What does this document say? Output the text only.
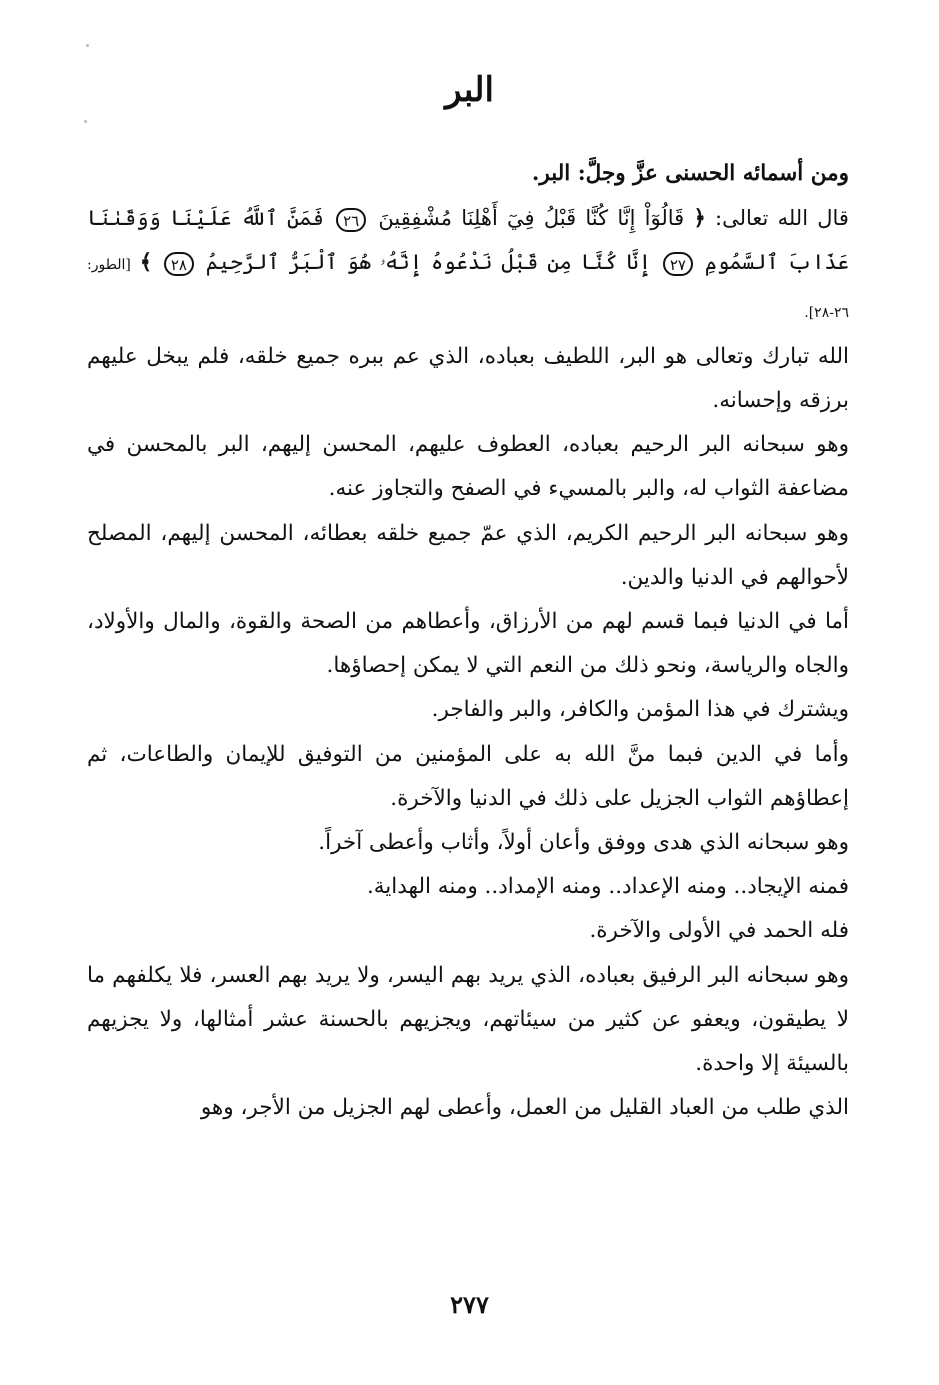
البر

ومن أسمائه الحسنى عزَّ وجلَّ: البر.

قال الله تعالى: ﴿ قَالُوٓاْ إِنَّا كُنَّا قَبْلُ فِيٓ أَهْلِنَا مُشْفِقِينَ ٢٦ فَمَنَّ ٱللَّهُ عَلَيْنَا وَوَقَىٰنَا عَذَابَ ٱلسَّمُومِ ٢٧ إِنَّا كُنَّا مِن قَبْلُ نَدْعُوهُ إِنَّهُۥ هُوَ ٱلْبَرُّ ٱلرَّحِيمُ ٢٨ ﴾ [الطور: ٢٦-٢٨].

الله تبارك وتعالى هو البر، اللطيف بعباده، الذي عم ببره جميع خلقه، فلم يبخل عليهم برزقه وإحسانه.

وهو سبحانه البر الرحيم بعباده، العطوف عليهم، المحسن إليهم، البر بالمحسن في مضاعفة الثواب له، والبر بالمسيء في الصفح والتجاوز عنه.

وهو سبحانه البر الرحيم الكريم، الذي عمّ جميع خلقه بعطائه، المحسن إليهم، المصلح لأحوالهم في الدنيا والدين.

أما في الدنيا فبما قسم لهم من الأرزاق، وأعطاهم من الصحة والقوة، والمال والأولاد، والجاه والرياسة، ونحو ذلك من النعم التي لا يمكن إحصاؤها.

ويشترك في هذا المؤمن والكافر، والبر والفاجر.

وأما في الدين فبما منَّ الله به على المؤمنين من التوفيق للإيمان والطاعات، ثم إعطاؤهم الثواب الجزيل على ذلك في الدنيا والآخرة.

وهو سبحانه الذي هدى ووفق وأعان أولاً، وأثاب وأعطى آخراً.

فمنه الإيجاد.. ومنه الإعداد.. ومنه الإمداد.. ومنه الهداية.

فله الحمد في الأولى والآخرة.

وهو سبحانه البر الرفيق بعباده، الذي يريد بهم اليسر، ولا يريد بهم العسر، فلا يكلفهم ما لا يطيقون، ويعفو عن كثير من سيئاتهم، ويجزيهم بالحسنة عشر أمثالها، ولا يجزيهم بالسيئة إلا واحدة.

الذي طلب من العباد القليل من العمل، وأعطى لهم الجزيل من الأجر، وهو

٢٧٧
